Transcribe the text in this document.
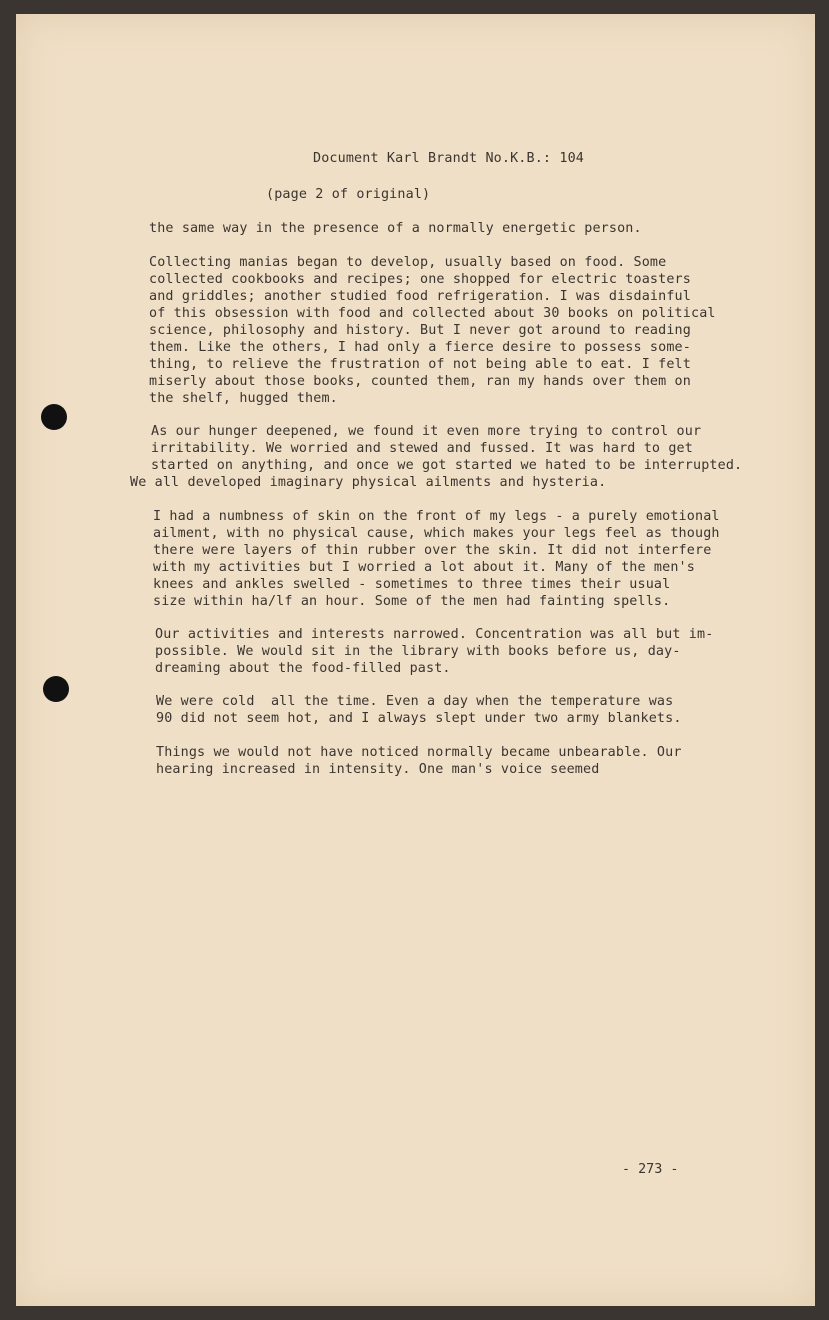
Document Karl Brandt No.K.B.: 104
(page 2 of original)
the same way in the presence of a normally energetic person.
Collecting manias began to develop, usually based on food. Some
collected cookbooks and recipes; one shopped for electric toasters
and griddles; another studied food refrigeration. I was disdainful
of this obsession with food and collected about 30 books on political
science, philosophy and history. But I never got around to reading
them. Like the others, I had only a fierce desire to possess some-
thing, to relieve the frustration of not being able to eat. I felt
miserly about those books, counted them, ran my hands over them on
the shelf, hugged them.
As our hunger deepened, we found it even more trying to control our
irritability. We worried and stewed and fussed. It was hard to get
started on anything, and once we got started we hated to be interrupted.
We all developed imaginary physical ailments and hysteria.
I had a numbness of skin on the front of my legs - a purely emotional
ailment, with no physical cause, which makes your legs feel as though
there were layers of thin rubber over the skin. It did not interfere
with my activities but I worried a lot about it. Many of the men's
knees and ankles swelled - sometimes to three times their usual
size within ha/lf an hour. Some of the men had fainting spells.
Our activities and interests narrowed. Concentration was all but im-
possible. We would sit in the library with books before us, day-
dreaming about the food-filled past.
We were cold  all the time. Even a day when the temperature was
90 did not seem hot, and I always slept under two army blankets.
Things we would not have noticed normally became unbearable. Our
hearing increased in intensity. One man's voice seemed
- 273 -
